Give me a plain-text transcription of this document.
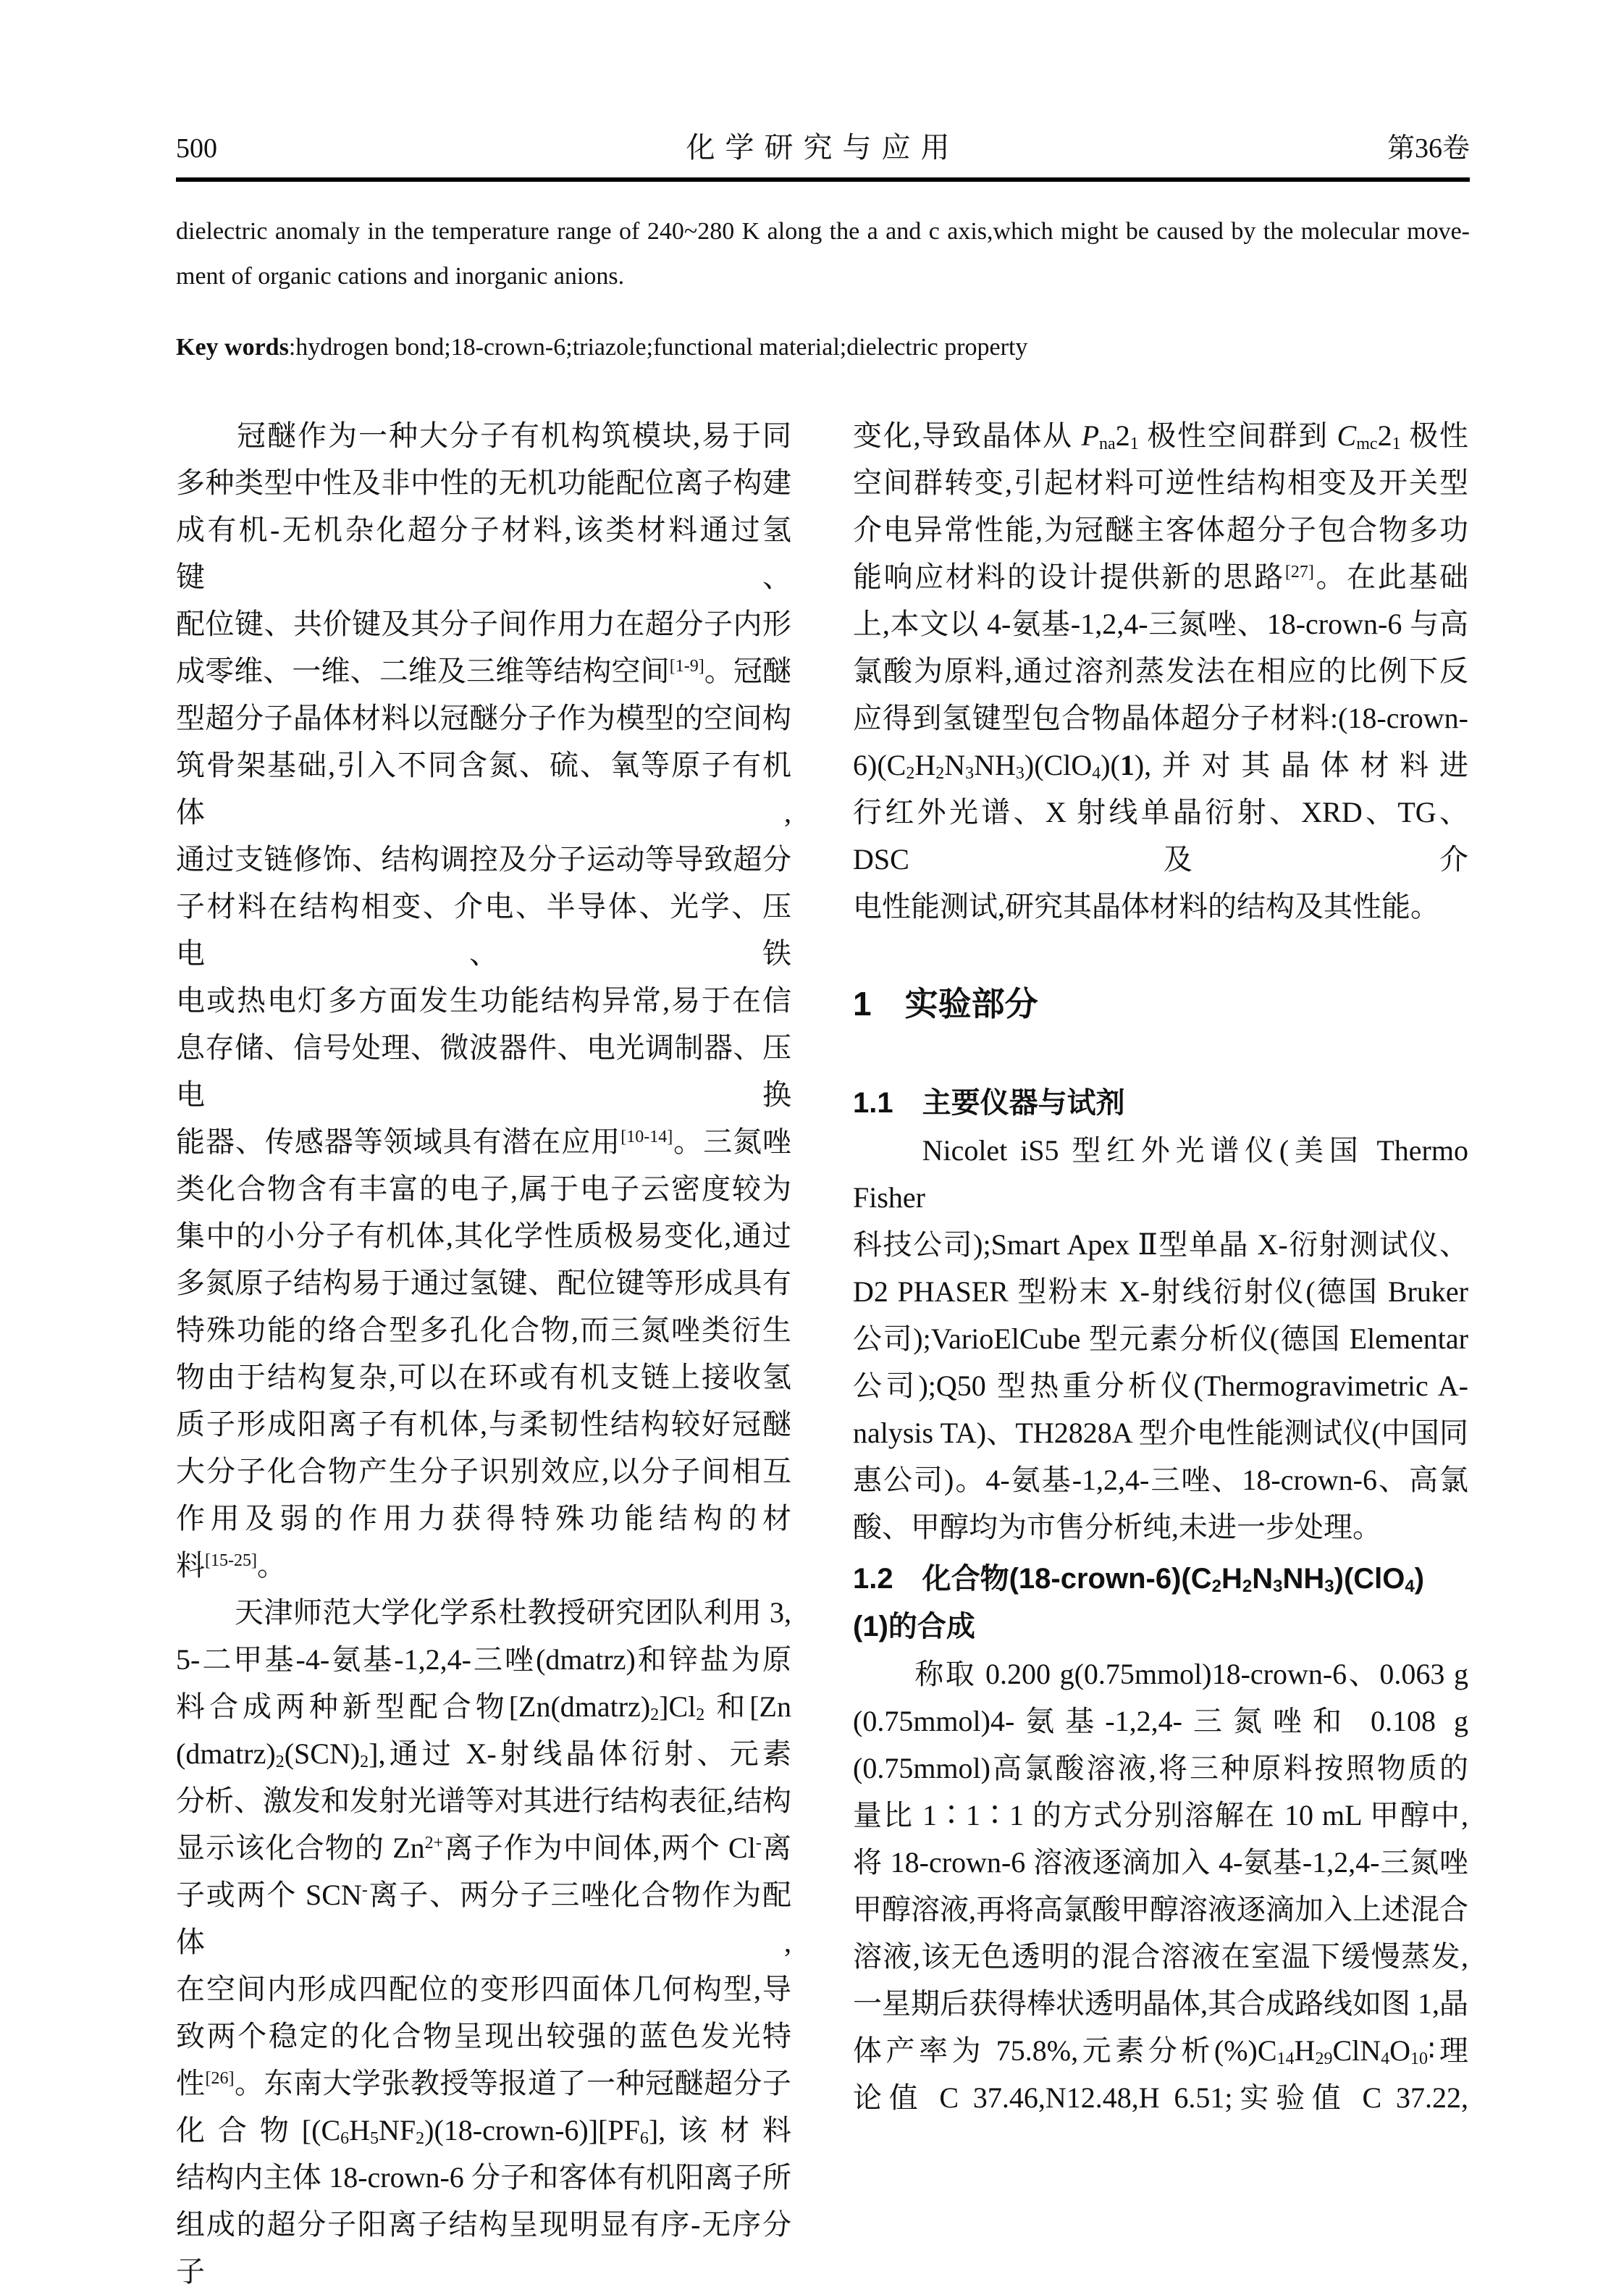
500	化学研究与应用	第36卷
dielectric anomaly in the temperature range of 240~280 K along the a and c axis,which might be caused by the molecular move-
ment of organic cations and inorganic anions.
Key words:hydrogen bond;18-crown-6;triazole;functional material;dielectric property
　　冠醚作为一种大分子有机构筑模块,易于同
多种类型中性及非中性的无机功能配位离子构建
成有机-无机杂化超分子材料,该类材料通过氢键、
配位键、共价键及其分子间作用力在超分子内形
成零维、一维、二维及三维等结构空间[1-9]。冠醚
型超分子晶体材料以冠醚分子作为模型的空间构
筑骨架基础,引入不同含氮、硫、氧等原子有机体,
通过支链修饰、结构调控及分子运动等导致超分
子材料在结构相变、介电、半导体、光学、压电、铁
电或热电灯多方面发生功能结构异常,易于在信
息存储、信号处理、微波器件、电光调制器、压电换
能器、传感器等领域具有潜在应用[10-14]。三氮唑
类化合物含有丰富的电子,属于电子云密度较为
集中的小分子有机体,其化学性质极易变化,通过
多氮原子结构易于通过氢键、配位键等形成具有
特殊功能的络合型多孔化合物,而三氮唑类衍生
物由于结构复杂,可以在环或有机支链上接收氢
质子形成阳离子有机体,与柔韧性结构较好冠醚
大分子化合物产生分子识别效应,以分子间相互
作用及弱的作用力获得特殊功能结构的材
料[15-25]。
　　天津师范大学化学系杜教授研究团队利用 3,
5-二甲基-4-氨基-1,2,4-三唑(dmatrz)和锌盐为原
料合成两种新型配合物$[Zn(dmatrz)_2]Cl_2$ 和[Zn
$(dmatrz)_2(SCN)_2$],通过 X-射线晶体衍射、元素
分析、激发和发射光谱等对其进行结构表征,结构
显示该化合物的 $Zn^{2+}$离子作为中间体,两个 Cl-离
子或两个 SCN-离子、两分子三唑化合物作为配体,
在空间内形成四配位的变形四面体几何构型,导
致两个稳定的化合物呈现出较强的蓝色发光特
性[26]。东南大学张教授等报道了一种冠醚超分子
化合物$[(C_6H_5NF_2)(18-crown-6)][PF_6]$,该材料
结构内主体 18-crown-6 分子和客体有机阳离子所
组成的超分子阳离子结构呈现明显有序-无序分子
变化,导致晶体从 $P_{na}2_1$ 极性空间群到 $C_{mc}2_1$ 极性
空间群转变,引起材料可逆性结构相变及开关型
介电异常性能,为冠醚主客体超分子包合物多功
能响应材料的设计提供新的思路[27]。在此基础
上,本文以 4-氨基-1,2,4-三氮唑、18-crown-6 与高
氯酸为原料,通过溶剂蒸发法在相应的比例下反
应得到氢键型包合物晶体超分子材料:(18-crown-
$6)(C_2H_2N_3NH_3)(ClO_4)(1)$,并对其晶体材料进
行红外光谱、X 射线单晶衍射、XRD、TG、DSC 及介
电性能测试,研究其晶体材料的结构及其性能。
1　实验部分
1.1　主要仪器与试剂
　　Nicolet iS5 型红外光谱仪(美国 Thermo Fisher
科技公司);Smart Apex Ⅱ型单晶 X-衍射测试仪、
D2 PHASER 型粉末 X-射线衍射仪(德国 Bruker
公司);VarioElCube 型元素分析仪(德国 Elementar
公司);Q50 型热重分析仪(Thermogravimetric A-
nalysis TA)、TH2828A 型介电性能测试仪(中国同
惠公司)。4-氨基-1,2,4-三唑、18-crown-6、高氯
酸、甲醇均为市售分析纯,未进一步处理。
1.2　化合物$(18-crown-6)(C_2H_2N_3NH_3)(ClO_4)$
(1)的合成
　　称取 0.200 g(0.75mmol)18-crown-6、0.063 g
(0.75mmol)4-氨基-1,2,4-三氮唑和 0.108 g
(0.75mmol)高氯酸溶液,将三种原料按照物质的
量比 1∶1∶1 的方式分别溶解在 10 mL 甲醇中,
将 18-crown-6 溶液逐滴加入 4-氨基-1,2,4-三氮唑
甲醇溶液,再将高氯酸甲醇溶液逐滴加入上述混合
溶液,该无色透明的混合溶液在室温下缓慢蒸发,
一星期后获得棒状透明晶体,其合成路线如图 1,晶
体产率为 75.8%,元素分析$(\%)C_{14}H_{29}ClN_4O_{10}∶$理
论值 C 37.46,N12.48,H 6.51;实验值 C 37.22,
